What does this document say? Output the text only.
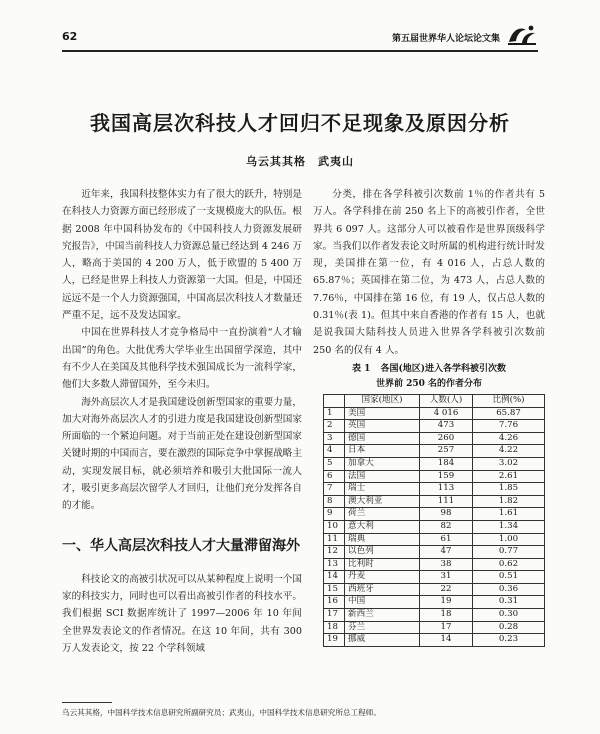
62	第五届世界华人论坛论文集
我国高层次科技人才回归不足现象及原因分析
乌云其其格　武夷山

近年来，我国科技整体实力有了很大的跃升，特别是在科技人力资源方面已经形成了一支规模庞大的队伍。根据 2008 年中国科协发布的《中国科技人力资源发展研究报告》，中国当前科技人力资源总量已经达到 4 246 万人，略高于美国的 4 200 万人，低于欧盟的 5 400 万人，已经是世界上科技人力资源第一大国。但是，中国还远远不是一个人力资源强国，中国高层次科技人才数量还严重不足，远不及发达国家。

中国在世界科技人才竞争格局中一直扮演着“人才输出国”的角色。大批优秀大学毕业生出国留学深造，其中有不少人在美国及其他科学技术强国成长为一流科学家，他们大多数人滞留国外，至今未归。

海外高层次人才是我国建设创新型国家的重要力量，加大对海外高层次人才的引进力度是我国建设创新型国家所面临的一个紧迫问题。对于当前正处在建设创新型国家关键时期的中国而言，要在激烈的国际竞争中掌握战略主动，实现发展目标，就必须培养和吸引大批国际一流人才，吸引更多高层次留学人才回归，让他们充分发挥各自的才能。

一、华人高层次科技人才大量滞留海外

科技论文的高被引状况可以从某种程度上说明一个国家的科技实力，同时也可以看出高被引作者的科技水平。我们根据 SCI 数据库统计了 1997—2006 年 10 年间全世界发表论文的作者情况。在这 10 年间，共有 300 万人发表论文，按 22 个学科领域

分类，排在各学科被引次数前 1％的作者共有 5 万人。各学科排在前 250 名上下的高被引作者，全世界共 6 097 人。这部分人可以被看作是世界顶级科学家。当我们以作者发表论文时所属的机构进行统计时发现，美国排在第一位，有 4 016 人，占总人数的 65.87％；英国排在第二位，为 473 人，占总人数的 7.76％，中国排在第 16 位，有 19 人，仅占总人数的 0.31％(表 1)。但其中来自香港的作者有 15 人，也就是说我国大陆科技人员进入世界各学科被引次数前 250 名的仅有 4 人。

表 1 各国(地区)进入各学科被引次数
世界前 250 名的作者分布
	国家(地区)	人数(人)	比例(%)
1	美国	4 016	65.87
2	英国	473	7.76
3	德国	260	4.26
4	日本	257	4.22
5	加拿大	184	3.02
6	法国	159	2.61
7	瑞士	113	1.85
8	澳大利亚	111	1.82
9	荷兰	98	1.61
10	意大利	82	1.34
11	瑞典	61	1.00
12	以色列	47	0.77
13	比利时	38	0.62
14	丹麦	31	0.51
15	西班牙	22	0.36
16	中国	19	0.31
17	新西兰	18	0.30
18	芬兰	17	0.28
19	挪威	14	0.23
乌云其其格，中国科学技术信息研究所副研究员；武夷山，中国科学技术信息研究所总工程师。
